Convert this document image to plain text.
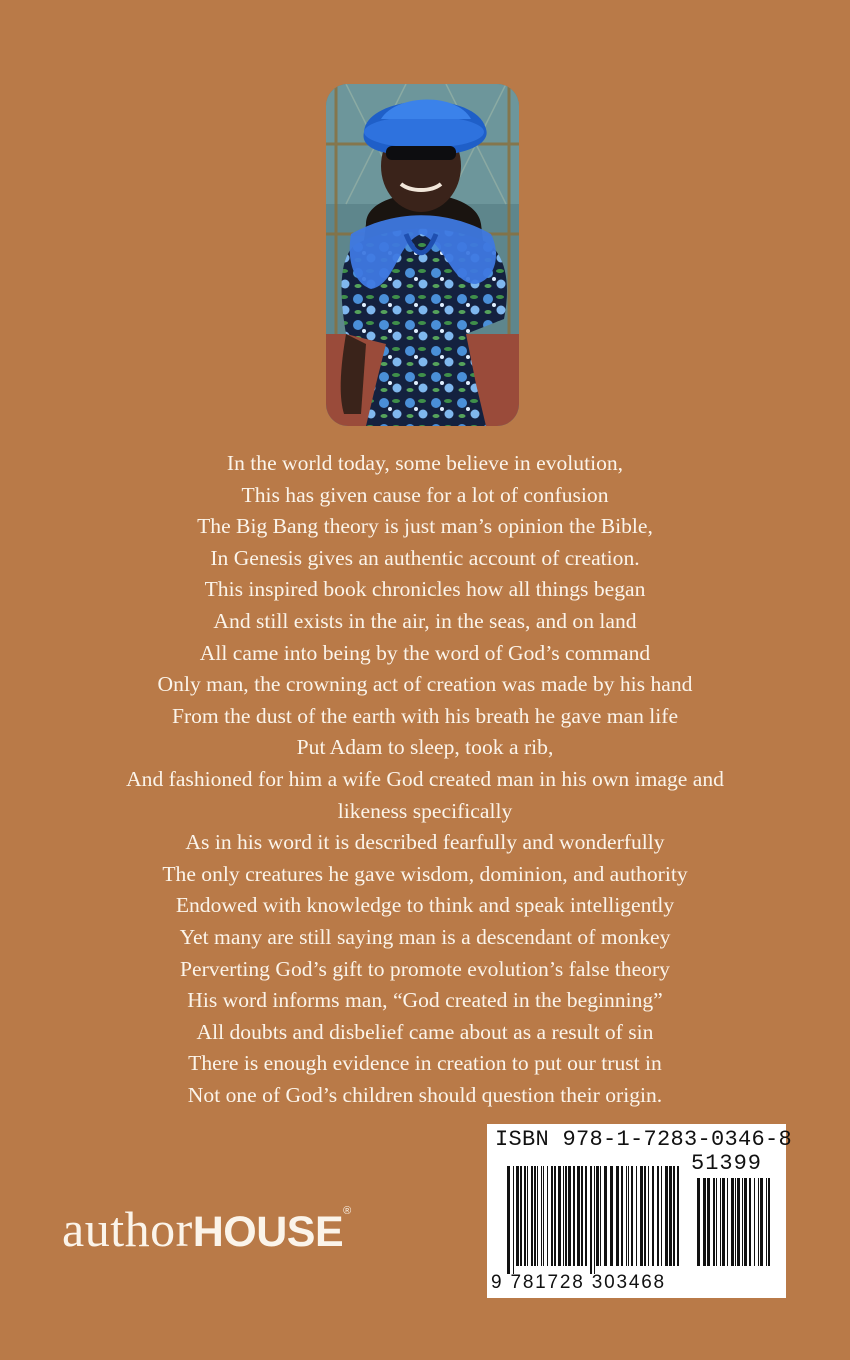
In the world today, some believe in evolution,
This has given cause for a lot of confusion
The Big Bang theory is just man’s opinion the Bible,
In Genesis gives an authentic account of creation.
This inspired book chronicles how all things began
And still exists in the air, in the seas, and on land
All came into being by the word of God’s command
Only man, the crowning act of creation was made by his hand
From the dust of the earth with his breath he gave man life
Put Adam to sleep, took a rib,
And fashioned for him a wife God created man in his own image and
likeness specifically
As in his word it is described fearfully and wonderfully
The only creatures he gave wisdom, dominion, and authority
Endowed with knowledge to think and speak intelligently
Yet many are still saying man is a descendant of monkey
Perverting God’s gift to promote evolution’s false theory
His word informs man, “God created in the beginning”
All doubts and disbelief came about as a result of sin
There is enough evidence in creation to put our trust in
Not one of God’s children should question their origin.
authorHOUSE®
ISBN 978-1-7283-0346-8
51399
9 781728 303468
